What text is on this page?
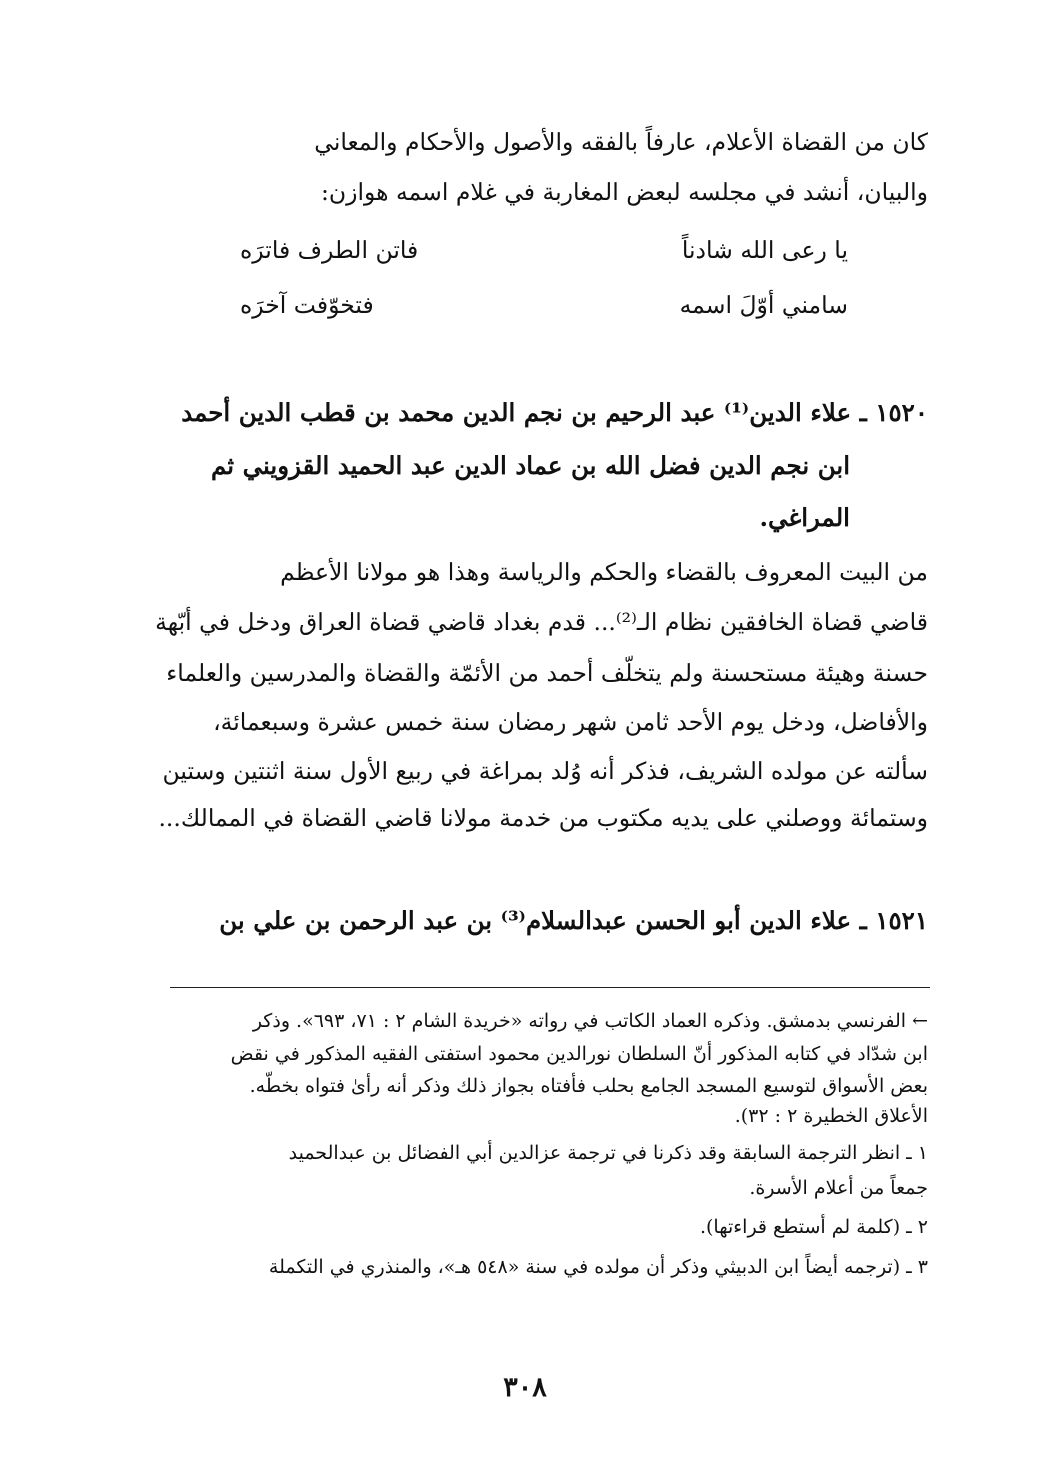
كان من القضاة الأعلام، عارفاً بالفقه والأصول والأحكام والمعاني
والبيان، أنشد في مجلسه لبعض المغاربة في غلام اسمه هوازن:
يا رعى الله شادناً
فاتن الطرف فاترَه
سامني أوّلَ اسمه
فتخوّفت آخرَه
١٥٢٠ ـ علاء الدين⁽¹⁾ عبد الرحيم بن نجم الدين محمد بن قطب الدين أحمد
ابن نجم الدين فضل الله بن عماد الدين عبد الحميد القزويني ثم
المراغي.
من البيت المعروف بالقضاء والحكم والرياسة وهذا هو مولانا الأعظم
قاضي قضاة الخافقين نظام الـ⁽²⁾... قدم بغداد قاضي قضاة العراق ودخل في أبّهة
حسنة وهيئة مستحسنة ولم يتخلّف أحمد من الأئمّة والقضاة والمدرسين والعلماء
والأفاضل، ودخل يوم الأحد ثامن شهر رمضان سنة خمس عشرة وسبعمائة،
سألته عن مولده الشريف، فذكر أنه وُلد بمراغة في ربيع الأول سنة اثنتين وستين
وستمائة ووصلني على يديه مكتوب من خدمة مولانا قاضي القضاة في الممالك...
١٥٢١ ـ علاء الدين أبو الحسن عبدالسلام⁽³⁾ بن عبد الرحمن بن علي بن
← الفرنسي بدمشق. وذكره العماد الكاتب في رواته «خريدة الشام ٢ : ٧١، ٦٩٣». وذكر
ابن شدّاد في كتابه المذكور أنّ السلطان نورالدين محمود استفتى الفقيه المذكور في نقض
بعض الأسواق لتوسيع المسجد الجامع بحلب فأفتاه بجواز ذلك وذكر أنه رأىٰ فتواه بخطّه.
الأعلاق الخطيرة ٢ : ٣٢).
١ ـ انظر الترجمة السابقة وقد ذكرنا في ترجمة عزالدين أبي الفضائل بن عبدالحميد
جمعاً من أعلام الأسرة.
٢ ـ (كلمة لم أستطع قراءتها).
٣ ـ (ترجمه أيضاً ابن الدبيثي وذكر أن مولده في سنة «٥٤٨ هـ»، والمنذري في التكملة
٣٠٨
